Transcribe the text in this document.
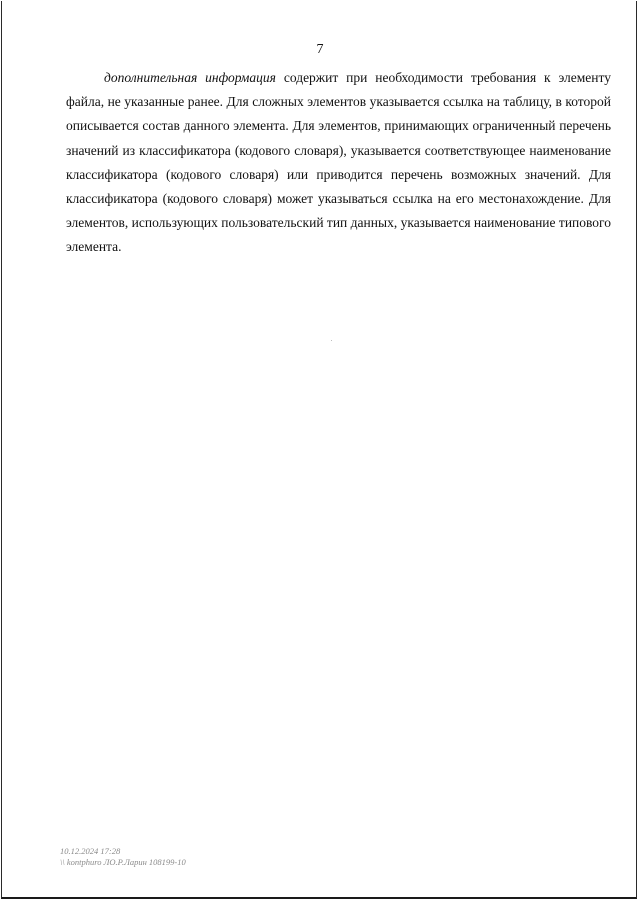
7

дополнительная информация содержит при необходимости требования к элементу файла, не указанные ранее. Для сложных элементов указывается ссылка на таблицу, в которой описывается состав данного элемента. Для элементов, принимающих ограниченный перечень значений из классификатора (кодового словаря), указывается соответствующее наименование классификатора (кодового словаря) или приводится перечень возможных значений. Для классификатора (кодового словаря) может указываться ссылка на его местонахождение. Для элементов, использующих пользовательский тип данных, указывается наименование типового элемента.

10.12.2024 17:28
\\ kontphuro ЛО.Р.Ларин 108199-10
